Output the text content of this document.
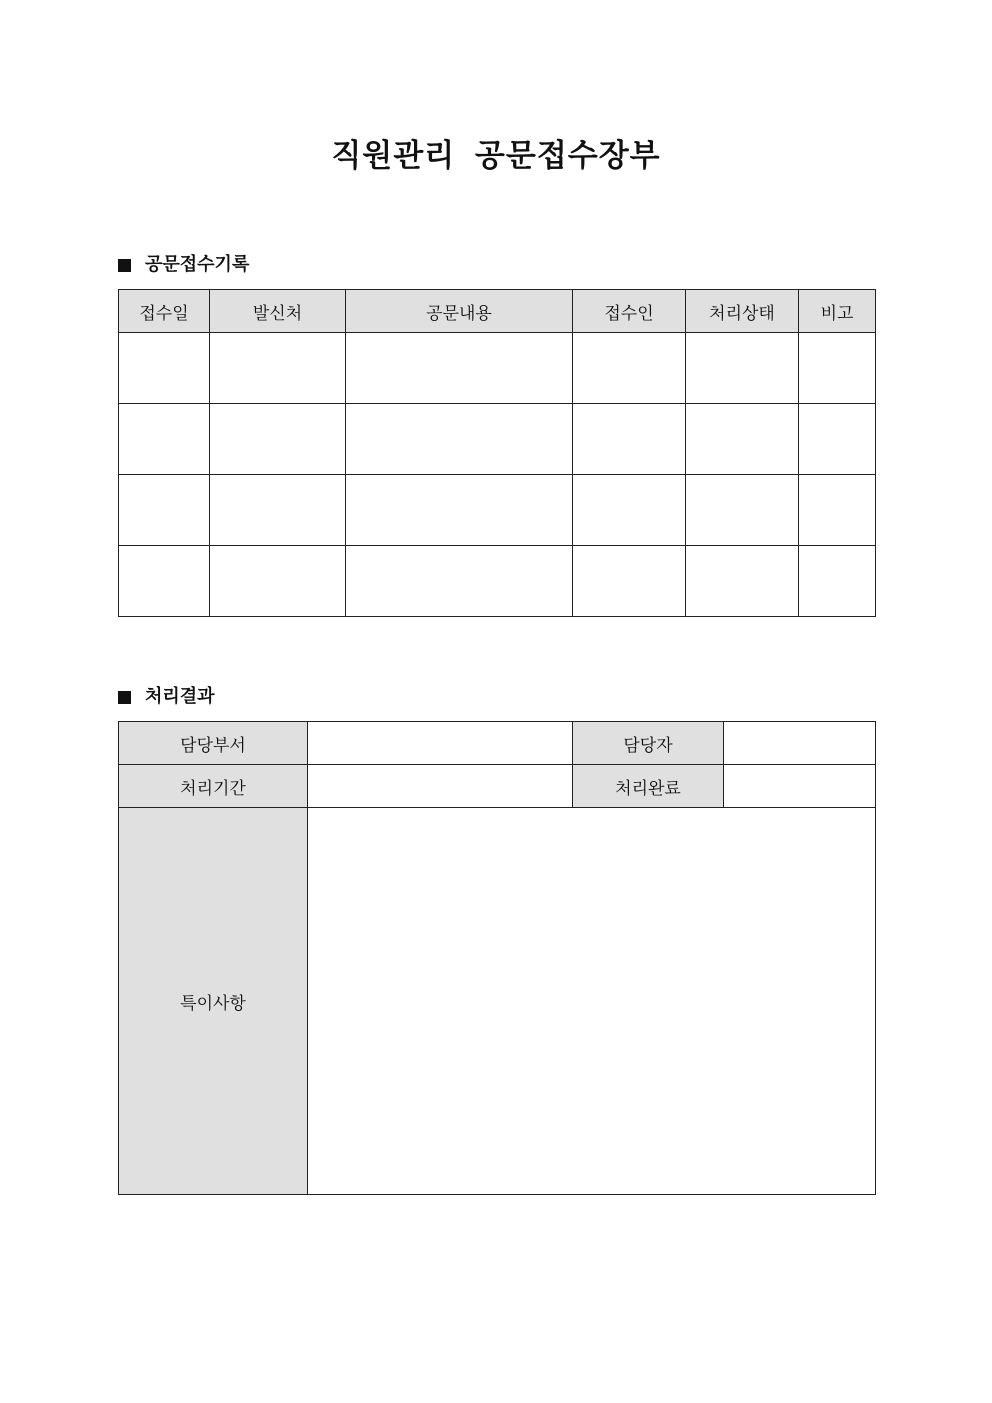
직원관리 공문접수장부
공문접수기록
접수일	발신처	공문내용	접수인	처리상태	비고

처리결과
담당부서		담당자	
처리기간		처리완료	
특이사항			
